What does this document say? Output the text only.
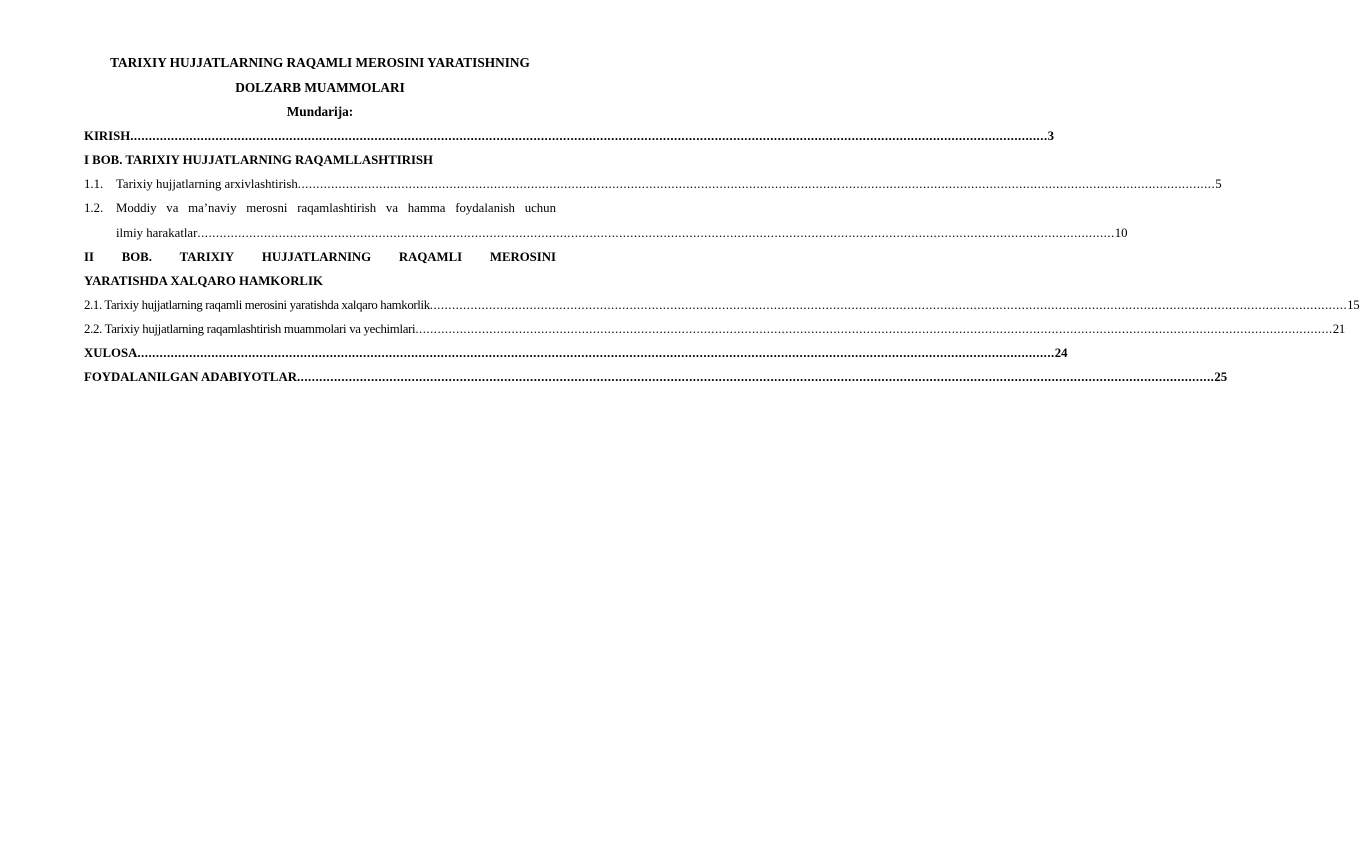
TARIXIY HUJJATLARNING RAQAMLI MEROSINI YARATISHNING
DOLZARB MUAMMOLARI
Mundarija:
KIRISH .....	3
I BOB. TARIXIY HUJJATLARNING RAQAMLLASHTIRISH
1.1. Tarixiy hujjatlarning arxivlashtirish .....	5
1.2. Moddiy va ma’naviy merosni raqamlashtirish va hamma foydalanish uchun
ilmiy harakatlar .....	10
II BOB. TARIXIY HUJJATLARNING RAQAMLI MEROSINI
YARATISHDA XALQARO HAMKORLIK
2.1. Tarixiy hujjatlarning raqamli merosini yaratishda xalqaro hamkorlik .....	15
2.2. Tarixiy hujjatlarning raqamlashtirish muammolari va yechimlari .....	21
XULOSA .....	24
FOYDALANILGAN ADABIYOTLAR .....	25
